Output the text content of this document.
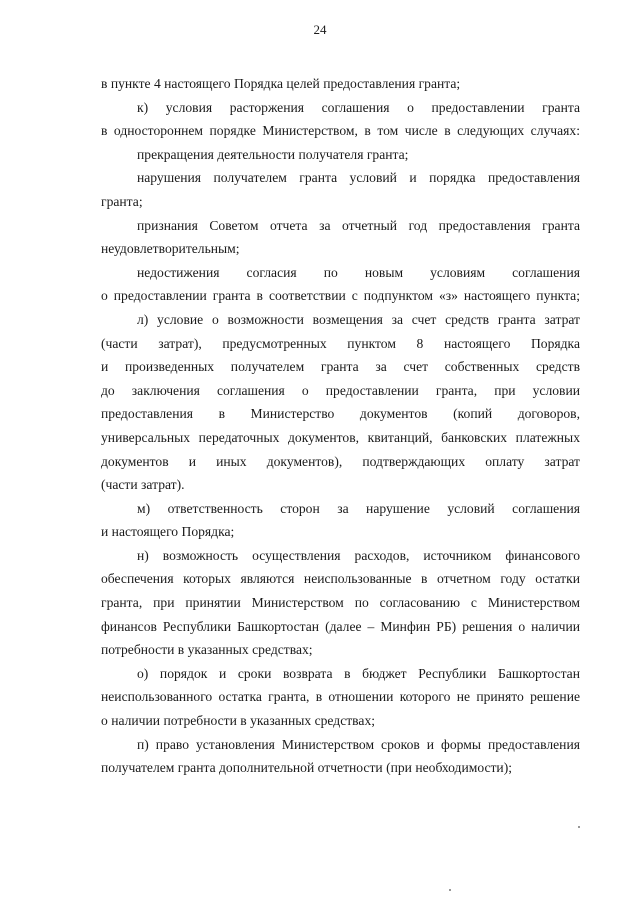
24
в пункте 4 настоящего Порядка целей предоставления гранта;
к) условия расторжения соглашения о предоставлении гранта
в одностороннем порядке Министерством, в том числе в следующих случаях:
прекращения деятельности получателя гранта;
нарушения получателем гранта условий и порядка предоставления
гранта;
признания Советом отчета за отчетный год предоставления гранта
неудовлетворительным;
недостижения согласия по новым условиям соглашения
о предоставлении гранта в соответствии с подпунктом «з» настоящего пункта;
л) условие о возможности возмещения за счет средств гранта затрат
(части затрат), предусмотренных пунктом 8 настоящего Порядка
и произведенных получателем гранта за счет собственных средств
до заключения соглашения о предоставлении гранта, при условии
предоставления в Министерство документов (копий договоров,
универсальных передаточных документов, квитанций, банковских платежных
документов и иных документов), подтверждающих оплату затрат
(части затрат).
м) ответственность сторон за нарушение условий соглашения
и настоящего Порядка;
н) возможность осуществления расходов, источником финансового
обеспечения которых являются неиспользованные в отчетном году остатки
гранта, при принятии Министерством по согласованию с Министерством
финансов Республики Башкортостан (далее – Минфин РБ) решения о наличии
потребности в указанных средствах;
о) порядок и сроки возврата в бюджет Республики Башкортостан
неиспользованного остатка гранта, в отношении которого не принято решение
о наличии потребности в указанных средствах;
п) право установления Министерством сроков и формы предоставления
получателем гранта дополнительной отчетности (при необходимости);
